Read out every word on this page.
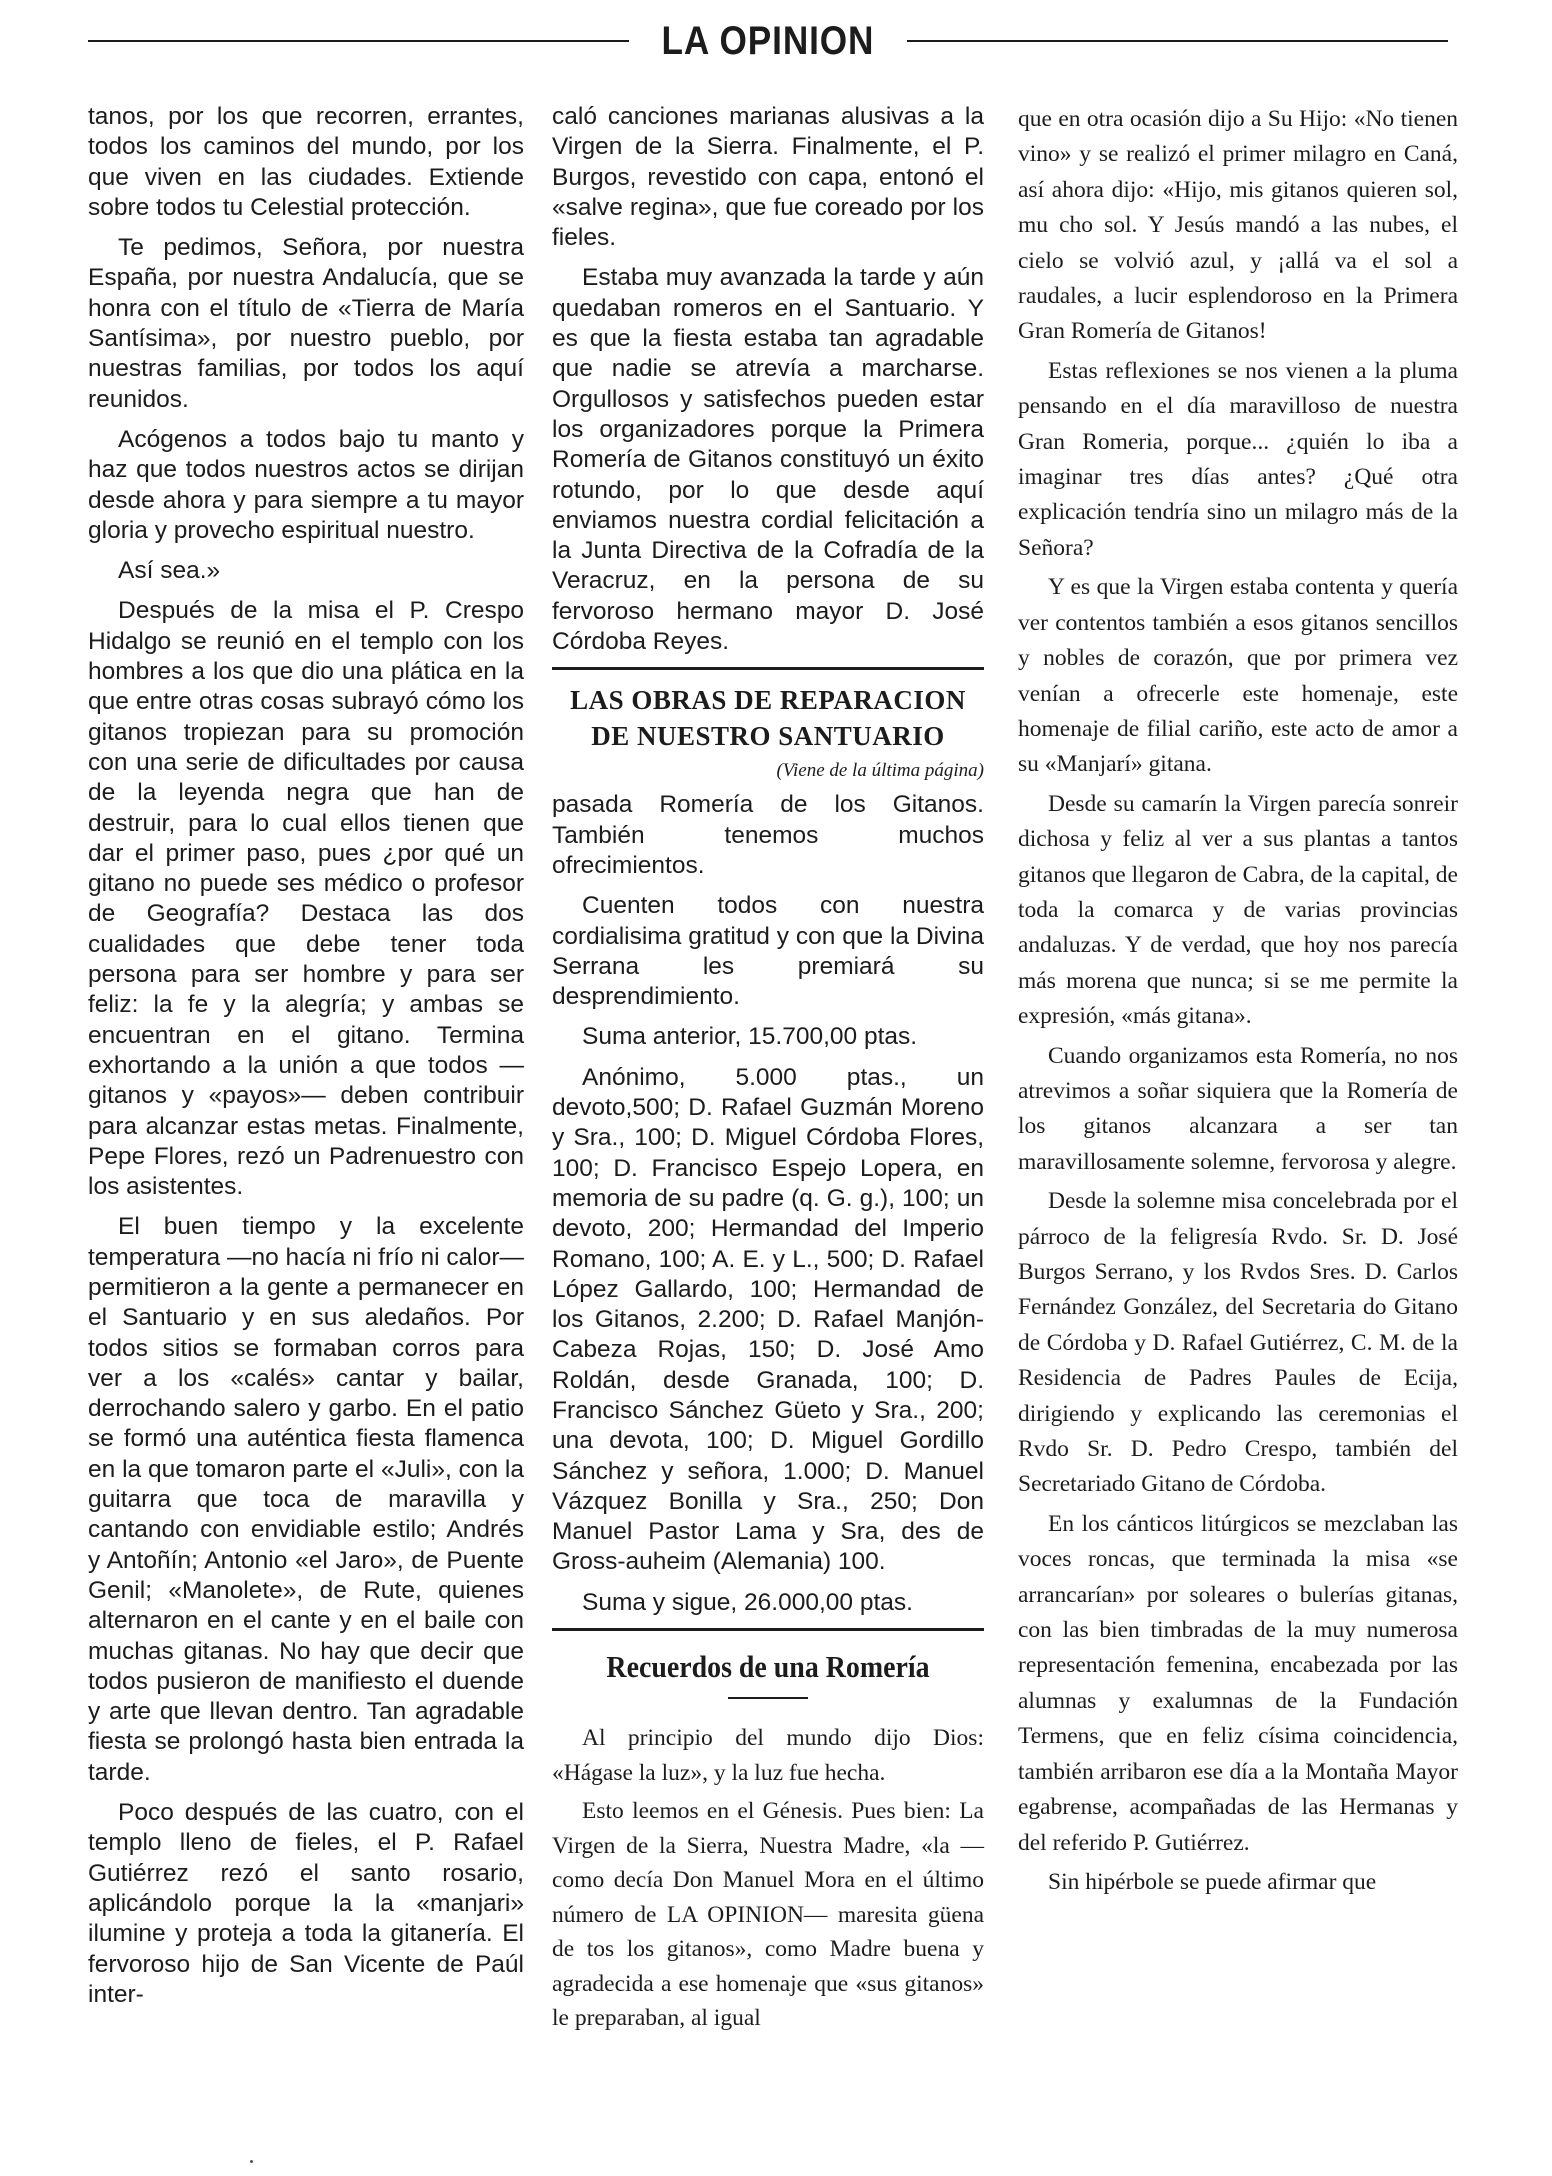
LA OPINION

tanos, por los que recorren, errantes, todos los caminos del mundo, por los que viven en las ciudades. Extiende sobre todos tu Celestial protección.

Te pedimos, Señora, por nuestra España, por nuestra Andalucía, que se honra con el título de «Tierra de María Santísima», por nuestro pueblo, por nuestras familias, por todos los aquí reunidos.

Acógenos a todos bajo tu manto y haz que todos nuestros actos se dirijan desde ahora y para siempre a tu mayor gloria y provecho espiritual nuestro.

Así sea.»

Después de la misa el P. Crespo Hidalgo se reunió en el templo con los hombres a los que dio una plática en la que entre otras cosas subrayó cómo los gitanos tropiezan para su promoción con una serie de dificultades por causa de la leyenda negra que han de destruir, para lo cual ellos tienen que dar el primer paso, pues ¿por qué un gitano no puede ses médico o profesor de Geografía? Destaca las dos cualidades que debe tener toda persona para ser hombre y para ser feliz: la fe y la alegría; y ambas se encuentran en el gitano. Termina exhortando a la unión a que todos —gitanos y «payos»— deben contribuir para alcanzar estas metas. Finalmente, Pepe Flores, rezó un Padrenuestro con los asistentes.

El buen tiempo y la excelente temperatura —no hacía ni frío ni calor—permitieron a la gente a permanecer en el Santuario y en sus aledaños. Por todos sitios se formaban corros para ver a los «calés» cantar y bailar, derrochando salero y garbo. En el patio se formó una auténtica fiesta flamenca en la que tomaron parte el «Juli», con la guitarra que toca de maravilla y cantando con envidiable estilo; Andrés y Antoñín; Antonio «el Jaro», de Puente Genil; «Manolete», de Rute, quienes alternaron en el cante y en el baile con muchas gitanas. No hay que decir que todos pusieron de manifiesto el duende y arte que llevan dentro. Tan agradable fiesta se prolongó hasta bien entrada la tarde.

Poco después de las cuatro, con el templo lleno de fieles, el P. Rafael Gutiérrez rezó el santo rosario, aplicándolo porque la la «manjari» ilumine y proteja a toda la gitanería. El fervoroso hijo de San Vicente de Paúl inter-

caló canciones marianas alusivas a la Virgen de la Sierra. Finalmente, el P. Burgos, revestido con capa, entonó el «salve regina», que fue coreado por los fieles.

Estaba muy avanzada la tarde y aún quedaban romeros en el Santuario. Y es que la fiesta estaba tan agradable que nadie se atrevía a marcharse. Orgullosos y satisfechos pueden estar los organizadores porque la Primera Romería de Gitanos constituyó un éxito rotundo, por lo que desde aquí enviamos nuestra cordial felicitación a la Junta Directiva de la Cofradía de la Veracruz, en la persona de su fervoroso hermano mayor D. José Córdoba Reyes.

LAS OBRAS DE REPARACION DE NUESTRO SANTUARIO
(Viene de la última página)

pasada Romería de los Gitanos. También tenemos muchos ofrecimientos.

Cuenten todos con nuestra cordialisima gratitud y con que la Divina Serrana les premiará su desprendimiento.

Suma anterior, 15.700,00 ptas.

Anónimo, 5.000 ptas., un devoto,500; D. Rafael Guzmán Moreno y Sra., 100; D. Miguel Córdoba Flores, 100; D. Francisco Espejo Lopera, en memoria de su padre (q. G. g.), 100; un devoto, 200; Hermandad del Imperio Romano, 100; A. E. y L., 500; D. Rafael López Gallardo, 100; Hermandad de los Gitanos, 2.200; D. Rafael Manjón-Cabeza Rojas, 150; D. José Amo Roldán, desde Granada, 100; D. Francisco Sánchez Güeto y Sra., 200; una devota, 100; D. Miguel Gordillo Sánchez y señora, 1.000; D. Manuel Vázquez Bonilla y Sra., 250; Don Manuel Pastor Lama y Sra, des de Gross-auheim (Alemania) 100.

Suma y sigue, 26.000,00 ptas.

Recuerdos de una Romería

Al principio del mundo dijo Dios: «Hágase la luz», y la luz fue hecha.

Esto leemos en el Génesis. Pues bien: La Virgen de la Sierra, Nuestra Madre, «la —como decía Don Manuel Mora en el último número de LA OPINION— maresita güena de tos los gitanos», como Madre buena y agradecida a ese homenaje que «sus gitanos» le preparaban, al igual

que en otra ocasión dijo a Su Hijo: «No tienen vino» y se realizó el primer milagro en Caná, así ahora dijo: «Hijo, mis gitanos quieren sol, mu cho sol. Y Jesús mandó a las nubes, el cielo se volvió azul, y ¡allá va el sol a raudales, a lucir esplendoroso en la Primera Gran Romería de Gitanos!

Estas reflexiones se nos vienen a la pluma pensando en el día maravilloso de nuestra Gran Romeria, porque... ¿quién lo iba a imaginar tres días antes? ¿Qué otra explicación tendría sino un milagro más de la Señora?

Y es que la Virgen estaba contenta y quería ver contentos también a esos gitanos sencillos y nobles de corazón, que por primera vez venían a ofrecerle este homenaje, este homenaje de filial cariño, este acto de amor a su «Manjarí» gitana.

Desde su camarín la Virgen parecía sonreir dichosa y feliz al ver a sus plantas a tantos gitanos que llegaron de Cabra, de la capital, de toda la comarca y de varias provincias andaluzas. Y de verdad, que hoy nos parecía más morena que nunca; si se me permite la expresión, «más gitana».

Cuando organizamos esta Romería, no nos atrevimos a soñar siquiera que la Romería de los gitanos alcanzara a ser tan maravillosamente solemne, fervorosa y alegre.

Desde la solemne misa concelebrada por el párroco de la feligresía Rvdo. Sr. D. José Burgos Serrano, y los Rvdos Sres. D. Carlos Fernández González, del Secretaria do Gitano de Córdoba y D. Rafael Gutiérrez, C. M. de la Residencia de Padres Paules de Ecija, dirigiendo y explicando las ceremonias el Rvdo Sr. D. Pedro Crespo, también del Secretariado Gitano de Córdoba.

En los cánticos litúrgicos se mezclaban las voces roncas, que terminada la misa «se arrancarían» por soleares o bulerías gitanas, con las bien timbradas de la muy numerosa representación femenina, encabezada por las alumnas y exalumnas de la Fundación Termens, que en feliz císima coincidencia, también arribaron ese día a la Montaña Mayor egabrense, acompañadas de las Hermanas y del referido P. Gutiérrez.

Sin hipérbole se puede afirmar que
